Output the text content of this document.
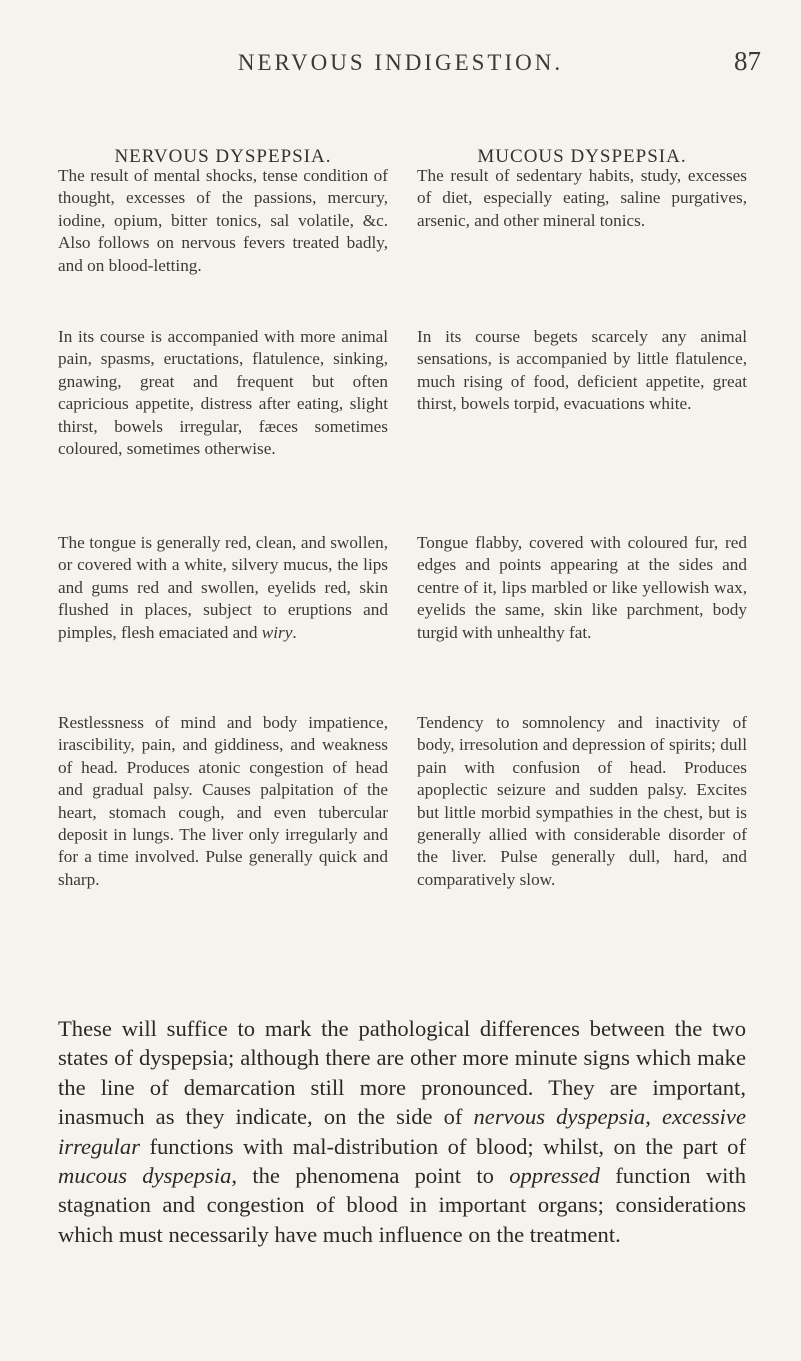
NERVOUS INDIGESTION.	87
NERVOUS DYSPEPSIA.

The result of mental shocks, tense condition of thought, excesses of the passions, mercury, iodine, opium, bitter tonics, sal volatile, &c. Also follows on nervous fevers treated badly, and on blood-letting.

In its course is accompanied with more animal pain, spasms, eructations, flatulence, sinking, gnawing, great and frequent but often capricious appetite, distress after eating, slight thirst, bowels irregular, fæces sometimes coloured, sometimes otherwise.

The tongue is generally red, clean, and swollen, or covered with a white, silvery mucus, the lips and gums red and swollen, eyelids red, skin flushed in places, subject to eruptions and pimples, flesh emaciated and wiry.

Restlessness of mind and body impatience, irascibility, pain, and giddiness, and weakness of head. Produces atonic congestion of head and gradual palsy. Causes palpitation of the heart, stomach cough, and even tubercular deposit in lungs. The liver only irregularly and for a time involved. Pulse generally quick and sharp.

MUCOUS DYSPEPSIA.

The result of sedentary habits, study, excesses of diet, especially eating, saline purgatives, arsenic, and other mineral tonics.

In its course begets scarcely any animal sensations, is accompanied by little flatulence, much rising of food, deficient appetite, great thirst, bowels torpid, evacuations white.

Tongue flabby, covered with coloured fur, red edges and points appearing at the sides and centre of it, lips marbled or like yellowish wax, eyelids the same, skin like parchment, body turgid with unhealthy fat.

Tendency to somnolency and inactivity of body, irresolution and depression of spirits; dull pain with confusion of head. Produces apoplectic seizure and sudden palsy. Excites but little morbid sympathies in the chest, but is generally allied with considerable disorder of the liver. Pulse generally dull, hard, and comparatively slow.

These will suffice to mark the pathological differences between the two states of dyspepsia; although there are other more minute signs which make the line of demarcation still more pronounced. They are important, inasmuch as they indicate, on the side of nervous dyspepsia, excessive irregular functions with mal-distribution of blood; whilst, on the part of mucous dyspepsia, the phenomena point to oppressed function with stagnation and congestion of blood in important organs; considerations which must necessarily have much influence on the treatment.
